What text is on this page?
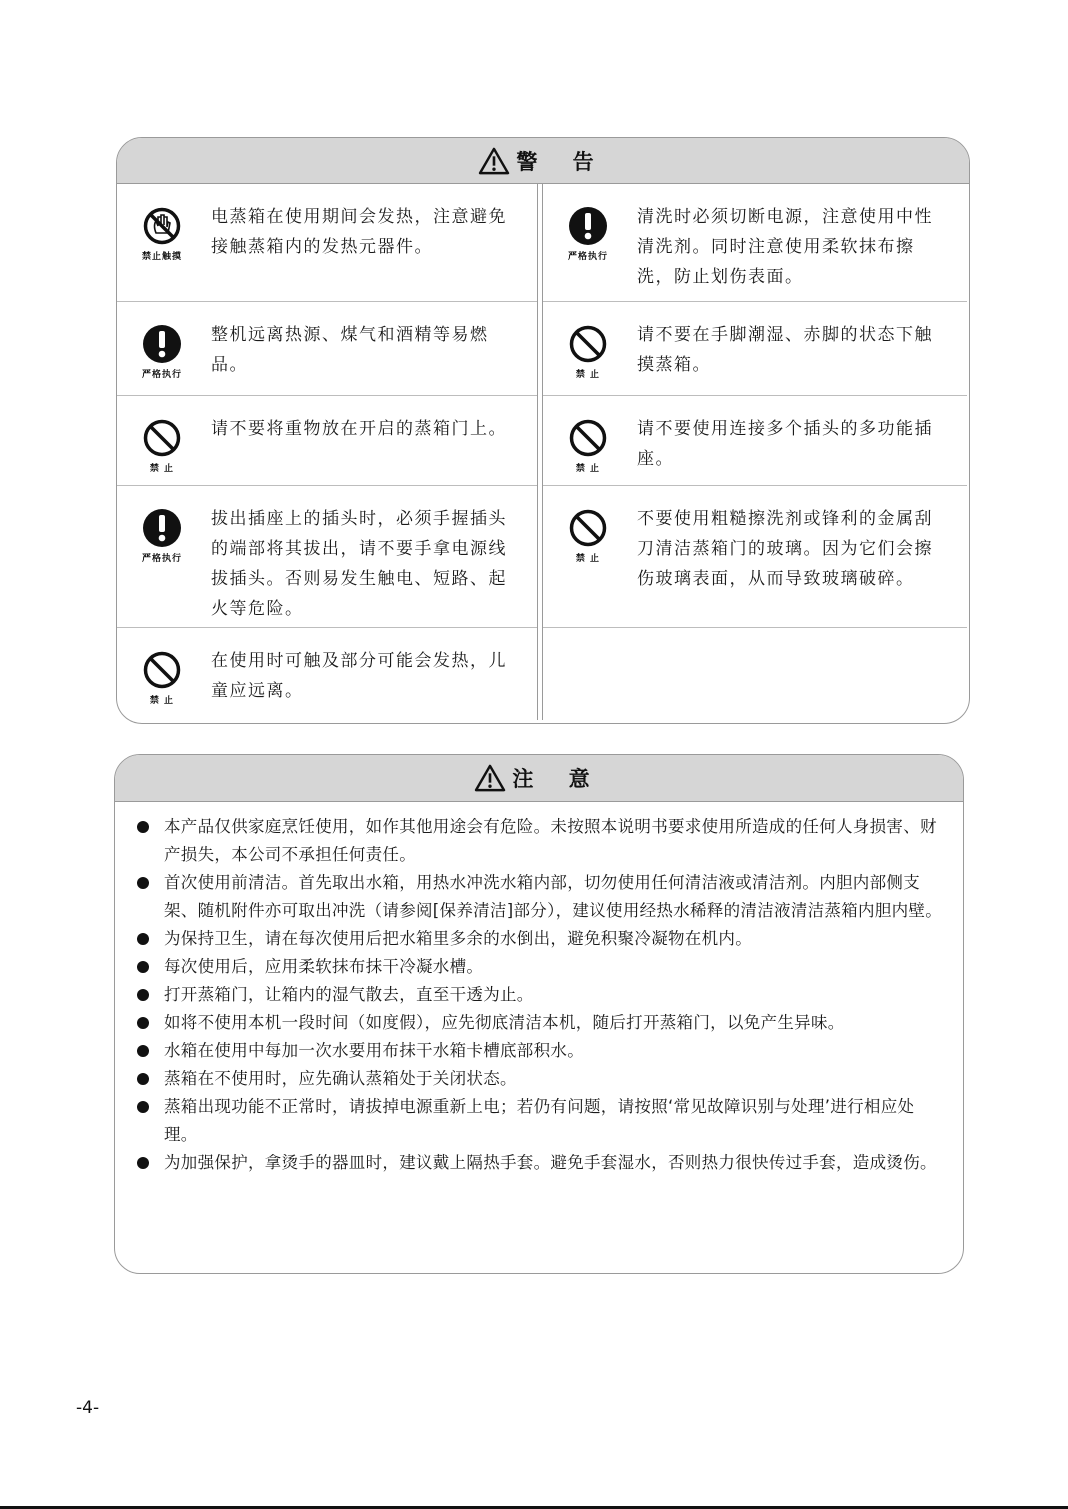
警 告
禁止触摸
电蒸箱在使用期间会发热，注意避免接触蒸箱内的发热元器件。	严格执行
清洗时必须切断电源，注意使用中性清洗剂。同时注意使用柔软抹布擦洗，防止划伤表面。
严格执行
整机远离热源、煤气和酒精等易燃品。	禁 止
请不要在手脚潮湿、赤脚的状态下触摸蒸箱。
禁 止
请不要将重物放在开启的蒸箱门上。
禁 止
请不要使用连接多个插头的多功能插座。
严格执行
拔出插座上的插头时，必须手握插头的端部将其拔出，请不要手拿电源线拔插头。否则易发生触电、短路、起火等危险。
禁 止
不要使用粗糙擦洗剂或锋利的金属刮刀清洁蒸箱门的玻璃。因为它们会擦伤玻璃表面，从而导致玻璃破碎。
禁 止
在使用时可触及部分可能会发热，儿童应远离。
注 意
本产品仅供家庭烹饪使用，如作其他用途会有危险。未按照本说明书要求使用所造成的任何人身损害、财产损失，本公司不承担任何责任。
首次使用前清洁。首先取出水箱，用热水冲洗水箱内部，切勿使用任何清洁液或清洁剂。内胆内部侧支架、随机附件亦可取出冲洗（请参阅[保养清洁]部分），建议使用经热水稀释的清洁液清洁蒸箱内胆内壁。
为保持卫生，请在每次使用后把水箱里多余的水倒出，避免积聚冷凝物在机内。
每次使用后，应用柔软抹布抹干冷凝水槽。
打开蒸箱门，让箱内的湿气散去，直至干透为止。
如将不使用本机一段时间（如度假），应先彻底清洁本机，随后打开蒸箱门，以免产生异味。
水箱在使用中每加一次水要用布抹干水箱卡槽底部积水。
蒸箱在不使用时，应先确认蒸箱处于关闭状态。
蒸箱出现功能不正常时，请拔掉电源重新上电；若仍有问题，请按照‘常见故障识别与处理’进行相应处理。
为加强保护，拿烫手的器皿时，建议戴上隔热手套。避免手套湿水，否则热力很快传过手套，造成烫伤。
-4-
